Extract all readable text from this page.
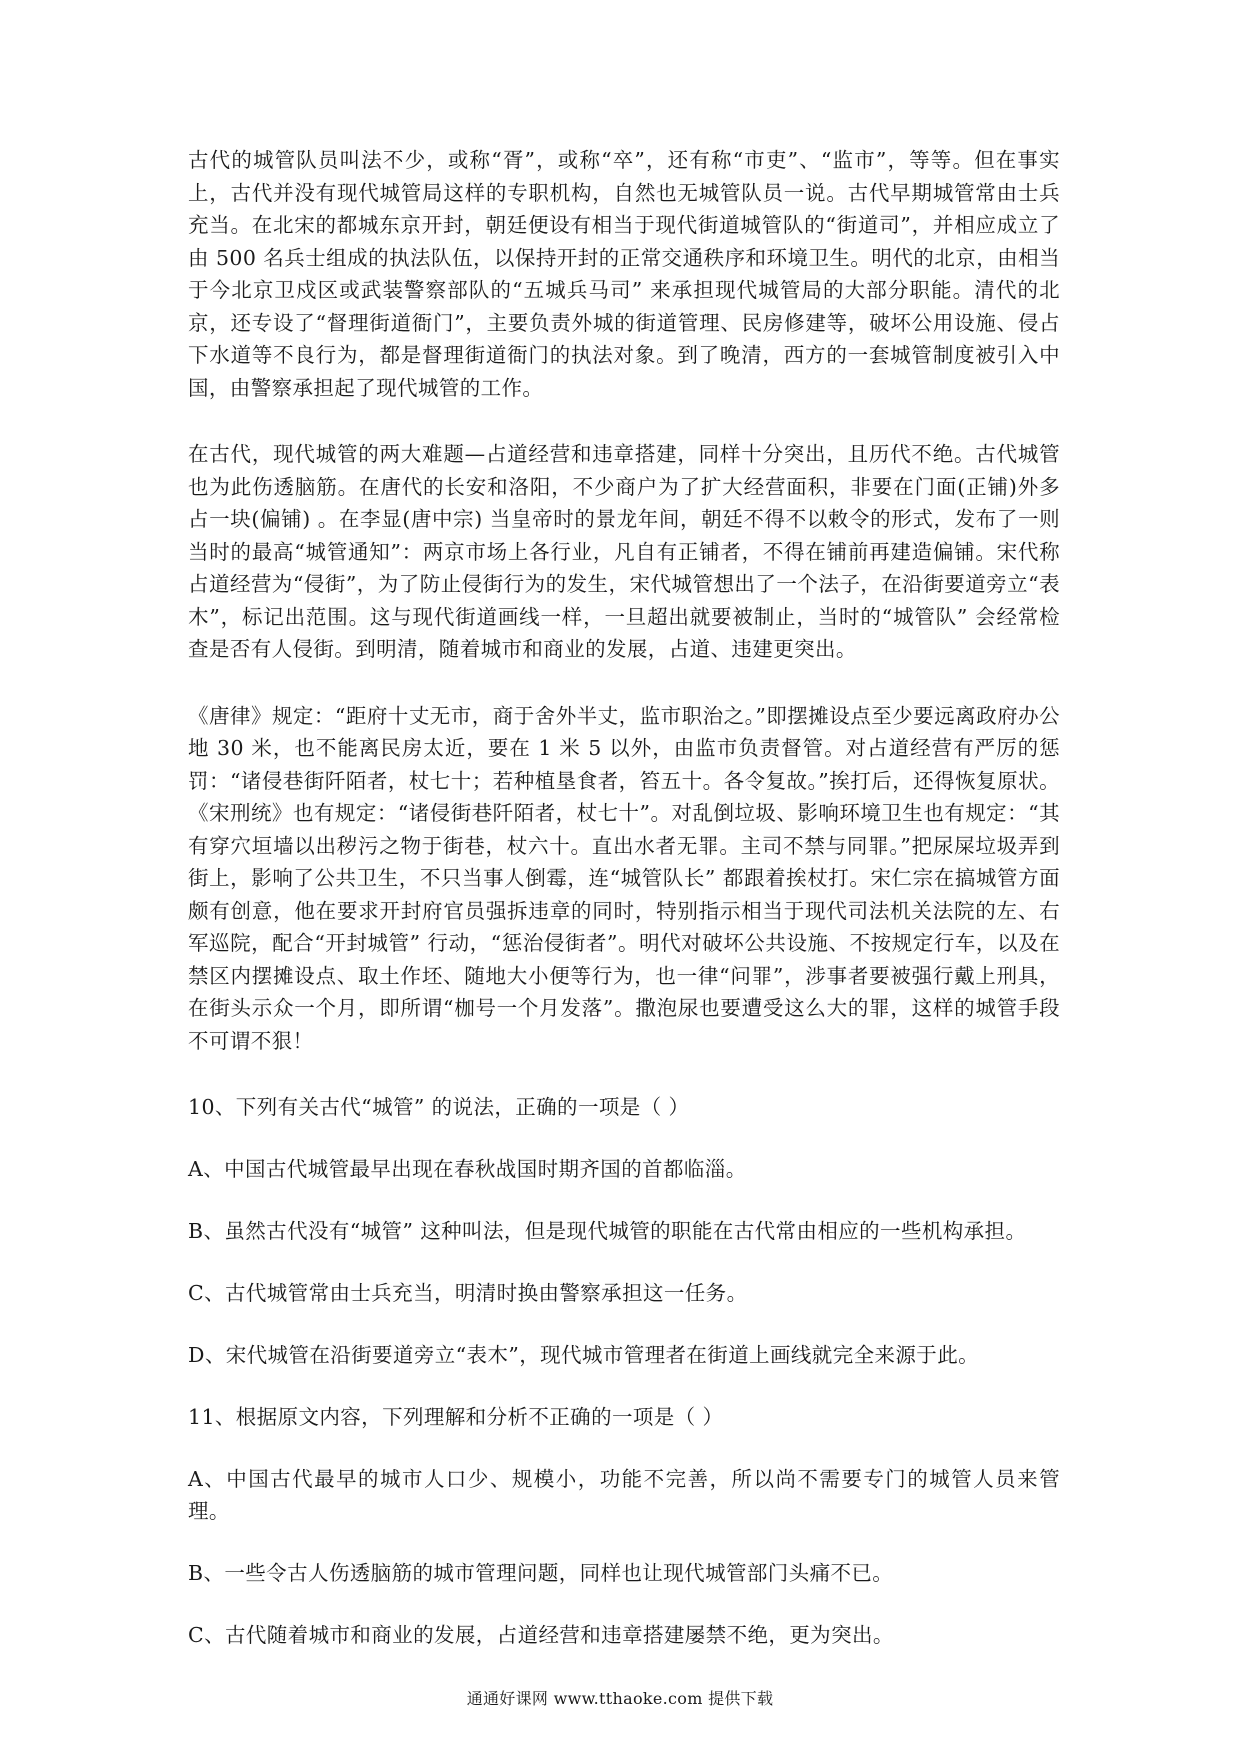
古代的城管队员叫法不少，或称“胥”，或称“卒”，还有称“市吏”、“监市”，等等。但在事实上，古代并没有现代城管局这样的专职机构，自然也无城管队员一说。古代早期城管常由士兵充当。在北宋的都城东京开封，朝廷便设有相当于现代街道城管队的“街道司”，并相应成立了由 500 名兵士组成的执法队伍，以保持开封的正常交通秩序和环境卫生。明代的北京，由相当于今北京卫戍区或武装警察部队的“五城兵马司” 来承担现代城管局的大部分职能。清代的北京，还专设了“督理街道衙门”，主要负责外城的街道管理、民房修建等，破坏公用设施、侵占下水道等不良行为，都是督理街道衙门的执法对象。到了晚清，西方的一套城管制度被引入中国，由警察承担起了现代城管的工作。

在古代，现代城管的两大难题—占道经营和违章搭建，同样十分突出，且历代不绝。古代城管也为此伤透脑筋。在唐代的长安和洛阳，不少商户为了扩大经营面积，非要在门面(正铺)外多占一块(偏铺) 。在李显(唐中宗) 当皇帝时的景龙年间，朝廷不得不以敕令的形式，发布了一则当时的最高“城管通知”：两京市场上各行业，凡自有正铺者，不得在铺前再建造偏铺。宋代称占道经营为“侵街”，为了防止侵街行为的发生，宋代城管想出了一个法子，在沿街要道旁立“表木”，标记出范围。这与现代街道画线一样，一旦超出就要被制止，当时的“城管队” 会经常检查是否有人侵街。到明清，随着城市和商业的发展，占道、违建更突出。

《唐律》规定：“距府十丈无市，商于舍外半丈，监市职治之。”即摆摊设点至少要远离政府办公地 30 米，也不能离民房太近，要在 1 米 5 以外，由监市负责督管。对占道经营有严厉的惩罚：“诸侵巷街阡陌者，杖七十；若种植垦食者，笞五十。各令复故。”挨打后，还得恢复原状。《宋刑统》也有规定：“诸侵街巷阡陌者，杖七十”。对乱倒垃圾、影响环境卫生也有规定：“其有穿穴垣墙以出秽污之物于街巷，杖六十。直出水者无罪。主司不禁与同罪。”把尿屎垃圾弄到街上，影响了公共卫生，不只当事人倒霉，连“城管队长” 都跟着挨杖打。宋仁宗在搞城管方面颇有创意，他在要求开封府官员强拆违章的同时，特别指示相当于现代司法机关法院的左、右军巡院，配合“开封城管” 行动，“惩治侵街者”。明代对破坏公共设施、不按规定行车，以及在禁区内摆摊设点、取土作坯、随地大小便等行为，也一律“问罪”，涉事者要被强行戴上刑具，在街头示众一个月，即所谓“枷号一个月发落”。撒泡尿也要遭受这么大的罪，这样的城管手段不可谓不狠！

10、下列有关古代“城管” 的说法，正确的一项是（ ）

A、中国古代城管最早出现在春秋战国时期齐国的首都临淄。

B、虽然古代没有“城管” 这种叫法，但是现代城管的职能在古代常由相应的一些机构承担。

C、古代城管常由士兵充当，明清时换由警察承担这一任务。

D、宋代城管在沿街要道旁立“表木”，现代城市管理者在街道上画线就完全来源于此。

11、根据原文内容，下列理解和分析不正确的一项是（ ）

A、中国古代最早的城市人口少、规模小，功能不完善，所以尚不需要专门的城管人员来管理。

B、一些令古人伤透脑筋的城市管理问题，同样也让现代城管部门头痛不已。

C、古代随着城市和商业的发展，占道经营和违章搭建屡禁不绝，更为突出。

通通好课网 www.tthaoke.com 提供下载
